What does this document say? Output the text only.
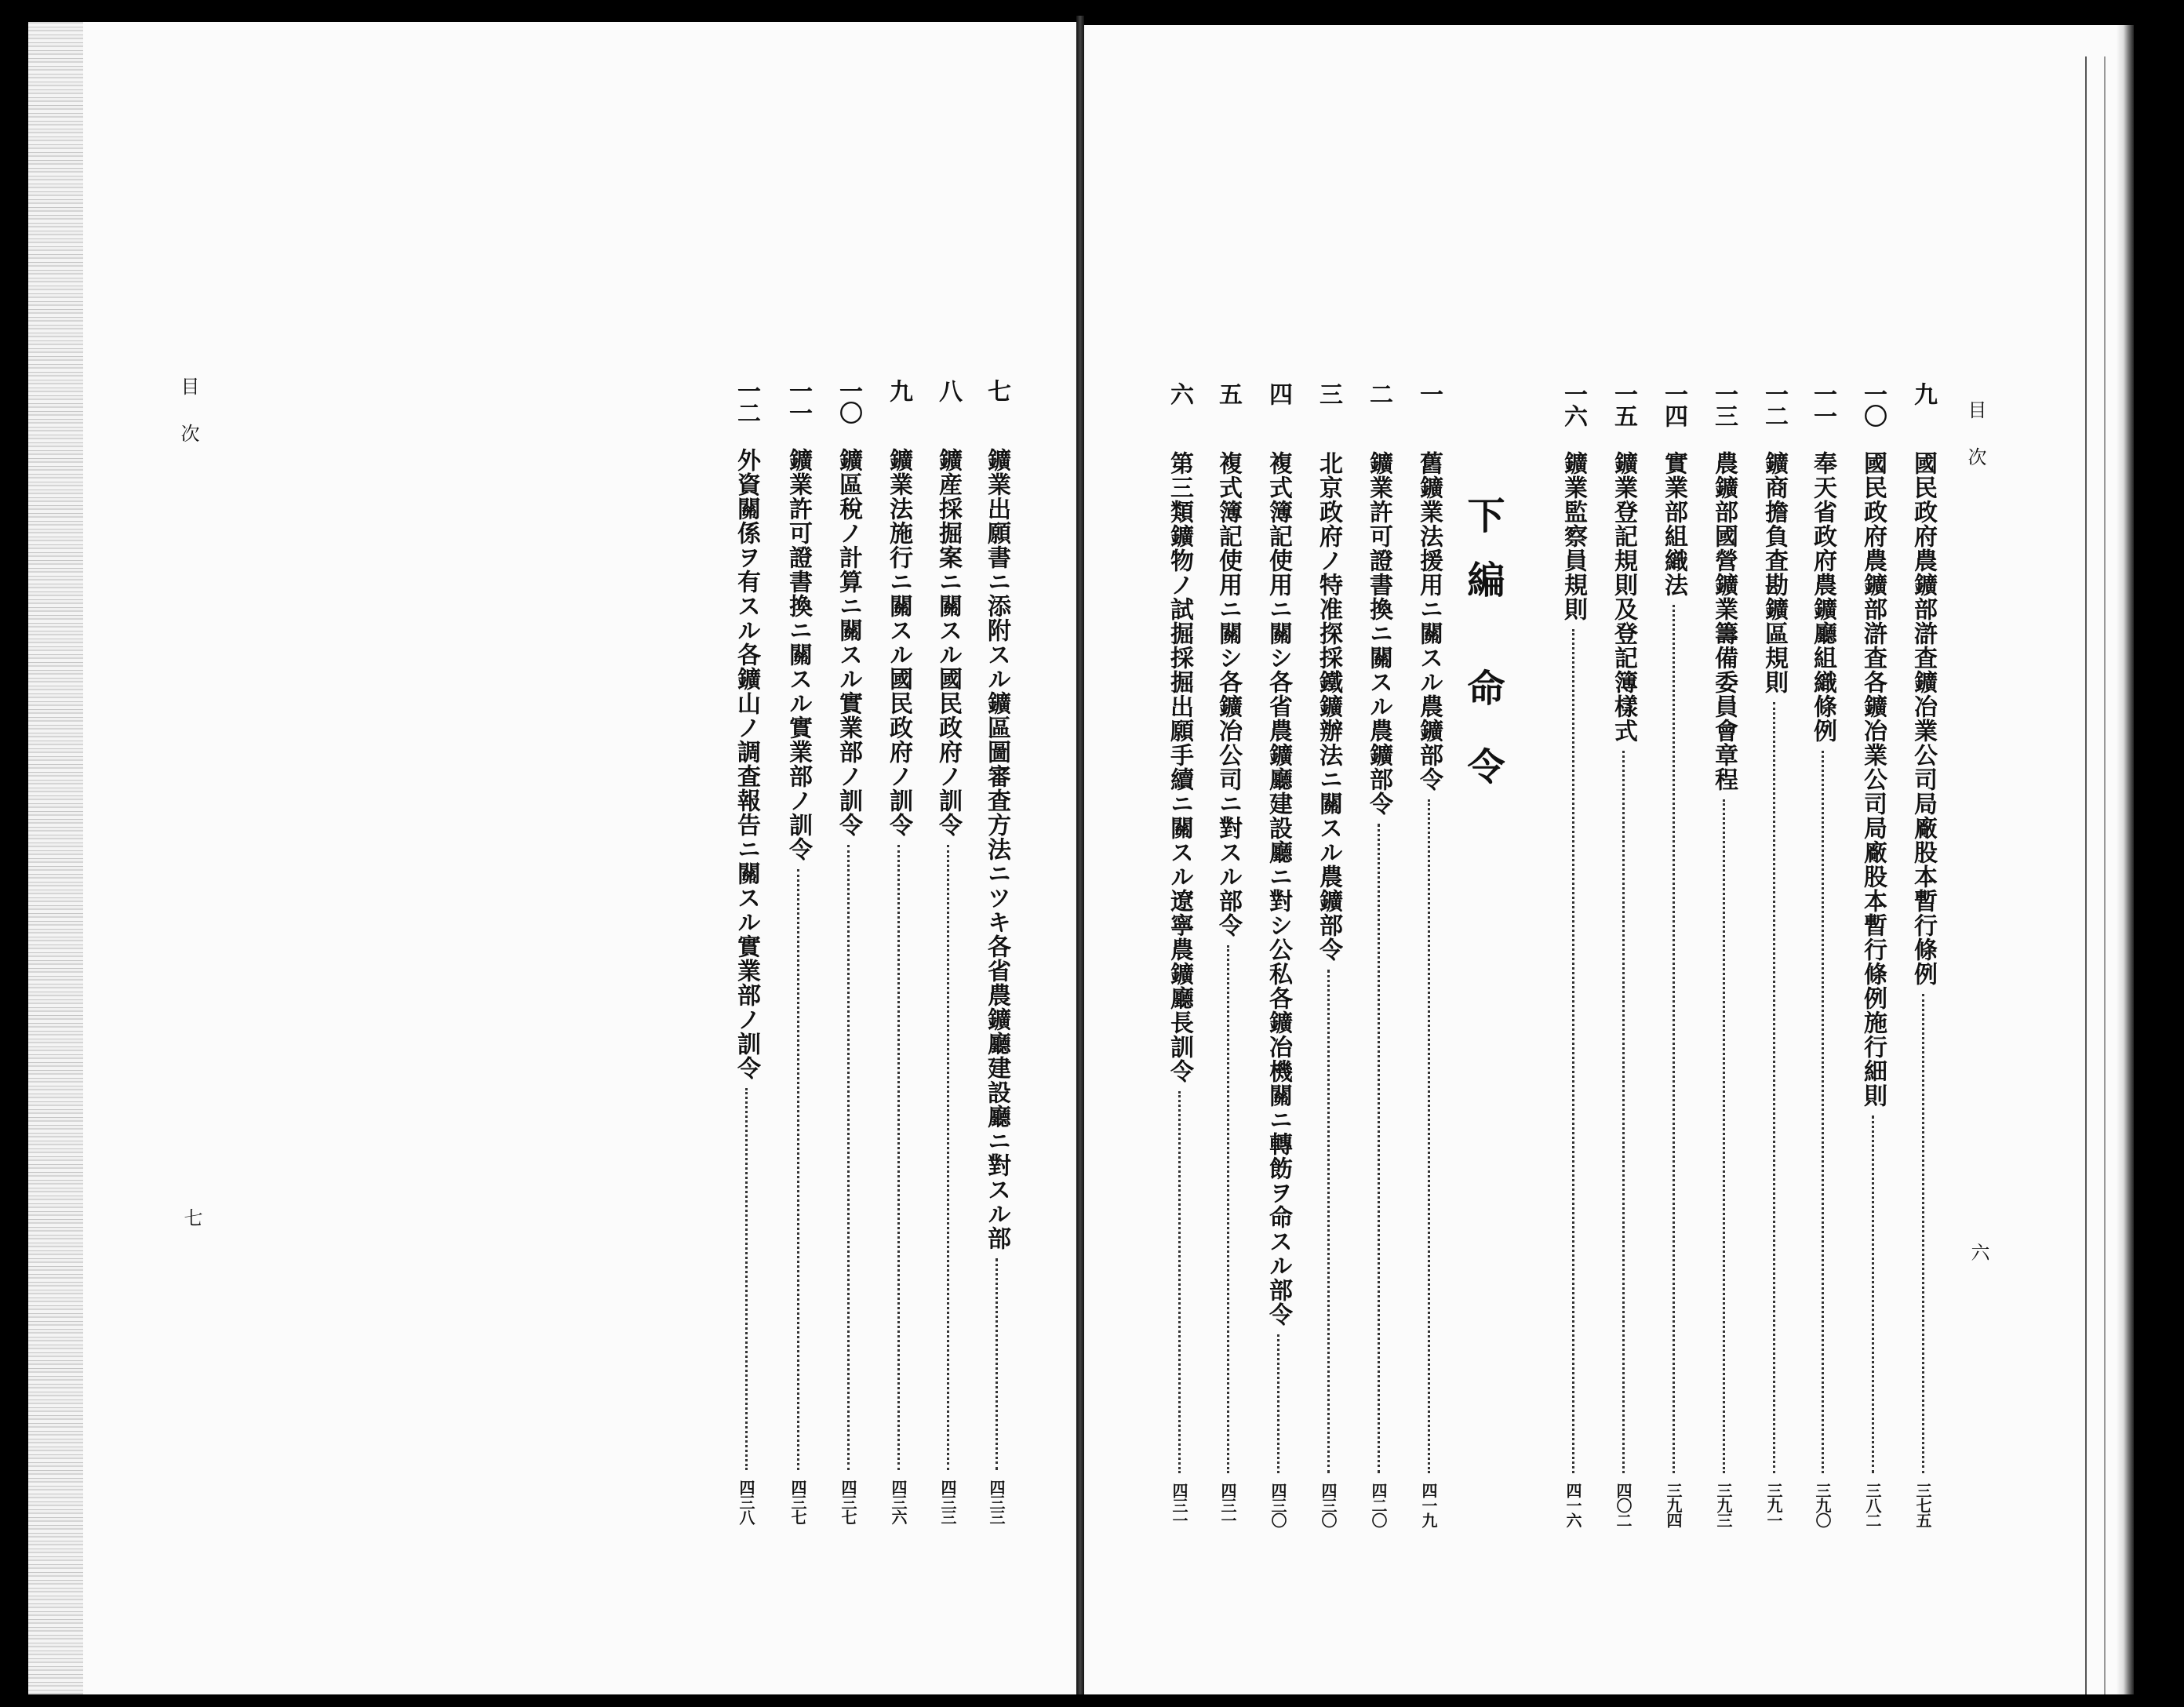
目次
七
七
鑛業出願書ニ添附スル鑛區圖審査方法ニツキ各省農鑛廳建設廳ニ對スル部
四三三
八
鑛産採掘案ニ關スル國民政府ノ訓令
四三三
九
鑛業法施行ニ關スル國民政府ノ訓令
四三六
一〇
鑛區稅ノ計算ニ關スル實業部ノ訓令
四三七
一一
鑛業許可證書換ニ關スル實業部ノ訓令
四三七
一二
外資關係ヲ有スル各鑛山ノ調査報告ニ關スル實業部ノ訓令
四三八
目次
六
九
國民政府農鑛部滸査鑛冶業公司局廠股本暫行條例
三七五
一〇
國民政府農鑛部滸査各鑛冶業公司局廠股本暫行條例施行細則
三八二
一一
奉天省政府農鑛廳組織條例
三九〇
一二
鑛商擔負査勘鑛區規則
三九一
一三
農鑛部國營鑛業籌備委員會章程
三九三
一四
實業部組織法
三九四
一五
鑛業登記規則及登記簿樣式
四〇二
一六
鑛業監察員規則
四一六
下編
命令
一
舊鑛業法援用ニ關スル農鑛部令
四一九
二
鑛業許可證書換ニ關スル農鑛部令
四二〇
三
北京政府ノ特准探採鐵鑛辦法ニ關スル農鑛部令
四三〇
四
複式簿記使用ニ關シ各省農鑛廳建設廳ニ對シ公私各鑛冶機關ニ轉飭ヲ命スル部令
四三〇
五
複式簿記使用ニ關シ各鑛冶公司ニ對スル部令
四三一
六
第三類鑛物ノ試掘採掘出願手續ニ關スル遼寧農鑛廳長訓令
四三一
